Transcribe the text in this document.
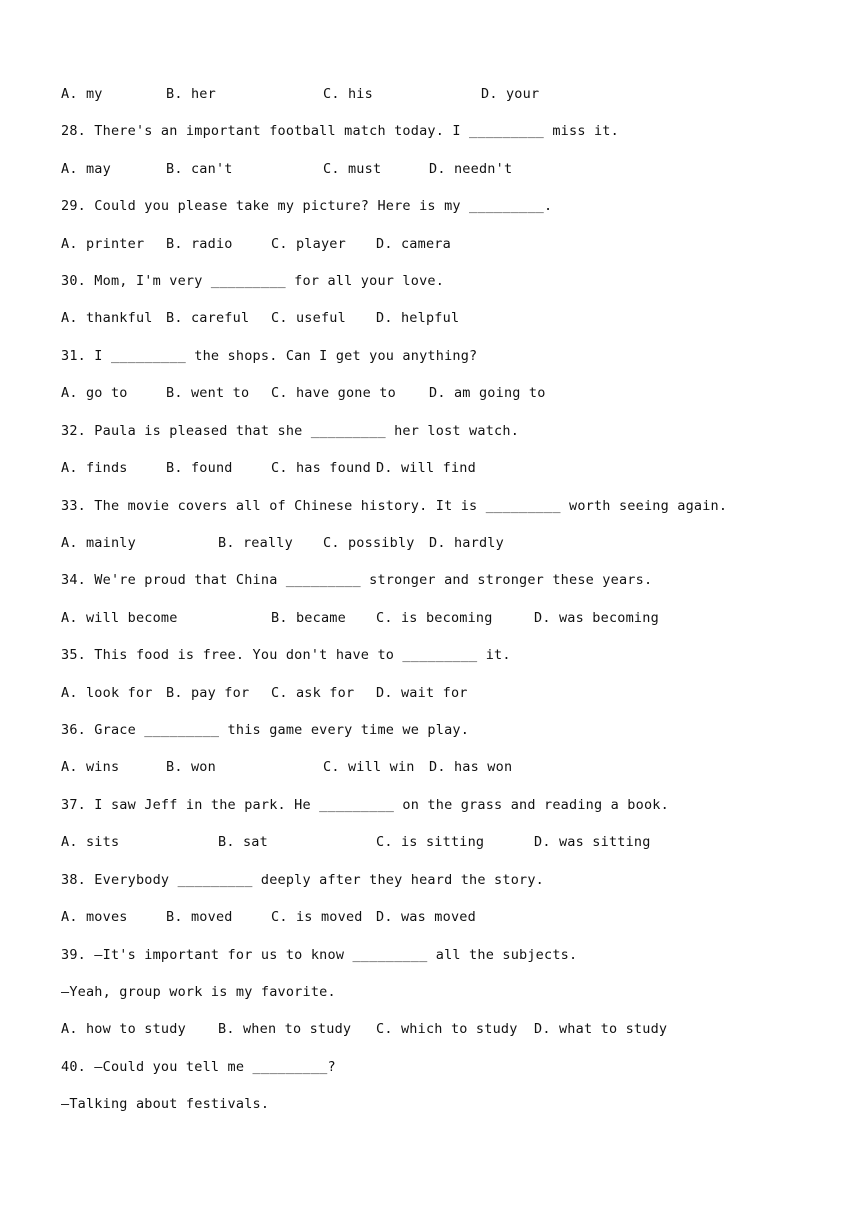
A. my	B. her	C. his	D. your
28. There's an important football match today. I _________ miss it.
A. may	B. can't	C. must	D. needn't
29. Could you please take my picture? Here is my _________.
A. printer B. radio	C. player D. camera
30. Mom, I'm very _________ for all your love.
A. thankful B. careful C. useful D. helpful
31. I _________ the shops. Can I get you anything?
A. go to	B. went to C. have gone to D. am going to
32. Paula is pleased that she _________ her lost watch.
A. finds	B. found	C. has found D. will find
33. The movie covers all of Chinese history. It is _________ worth seeing again.
A. mainly	B. really C. possibly D. hardly
34. We're proud that China _________ stronger and stronger these years.
A. will become	B. became C. is becoming	D. was becoming
35. This food is free. You don't have to _________ it.
A. look for B. pay for C. ask for D. wait for
36. Grace _________ this game every time we play.
A. wins	B. won	C. will win D. has won
37. I saw Jeff in the park. He _________ on the grass and reading a book.
A. sits	B. sat	C. is sitting	D. was sitting
38. Everybody _________ deeply after they heard the story.
A. moves	B. moved	C. is moved D. was moved
39. —It's important for us to know _________ all the subjects.
—Yeah, group work is my favorite.
A. how to study B. when to study C. which to study D. what to study
40. —Could you tell me _________?
—Talking about festivals.
